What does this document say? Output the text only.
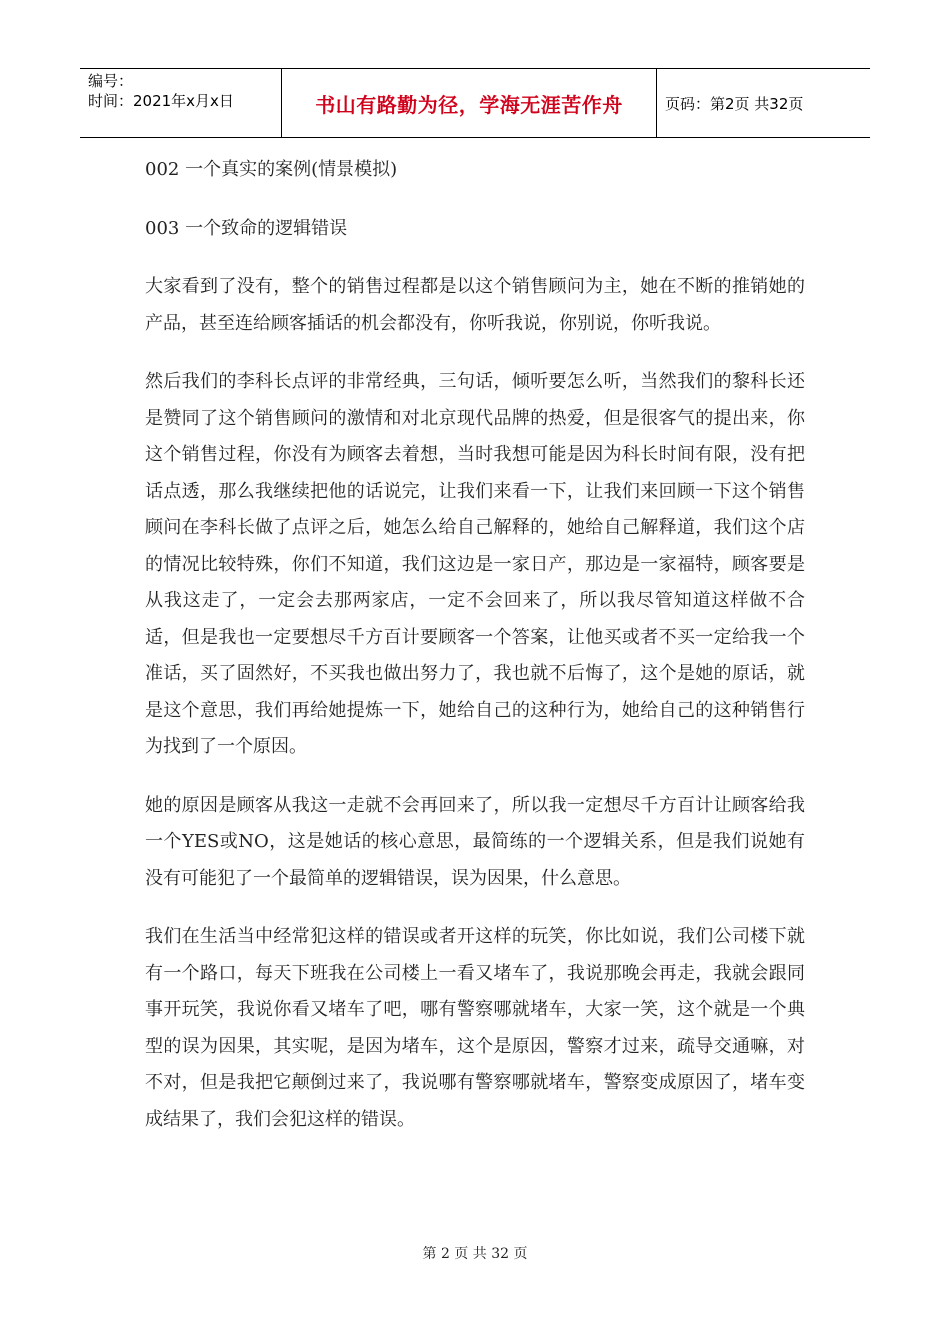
编号：
时间：2021年x月x日	书山有路勤为径，学海无涯苦作舟	页码：第2页 共32页

002 一个真实的案例(情景模拟)

003 一个致命的逻辑错误

大家看到了没有，整个的销售过程都是以这个销售顾问为主，她在不断的推销她的产品，甚至连给顾客插话的机会都没有，你听我说，你别说，你听我说。

然后我们的李科长点评的非常经典，三句话，倾听要怎么听，当然我们的黎科长还是赞同了这个销售顾问的激情和对北京现代品牌的热爱，但是很客气的提出来，你这个销售过程，你没有为顾客去着想，当时我想可能是因为科长时间有限，没有把话点透，那么我继续把他的话说完，让我们来看一下，让我们来回顾一下这个销售顾问在李科长做了点评之后，她怎么给自己解释的，她给自己解释道，我们这个店的情况比较特殊，你们不知道，我们这边是一家日产，那边是一家福特，顾客要是从我这走了，一定会去那两家店，一定不会回来了，所以我尽管知道这样做不合适，但是我也一定要想尽千方百计要顾客一个答案，让他买或者不买一定给我一个准话，买了固然好，不买我也做出努力了，我也就不后悔了，这个是她的原话，就是这个意思，我们再给她提炼一下，她给自己的这种行为，她给自己的这种销售行为找到了一个原因。

她的原因是顾客从我这一走就不会再回来了，所以我一定想尽千方百计让顾客给我一个YES或NO，这是她话的核心意思，最简练的一个逻辑关系，但是我们说她有没有可能犯了一个最简单的逻辑错误，误为因果，什么意思。

我们在生活当中经常犯这样的错误或者开这样的玩笑，你比如说，我们公司楼下就有一个路口，每天下班我在公司楼上一看又堵车了，我说那晚会再走，我就会跟同事开玩笑，我说你看又堵车了吧，哪有警察哪就堵车，大家一笑，这个就是一个典型的误为因果，其实呢，是因为堵车，这个是原因，警察才过来，疏导交通嘛，对不对，但是我把它颠倒过来了，我说哪有警察哪就堵车，警察变成原因了，堵车变成结果了，我们会犯这样的错误。

第 2 页 共 32 页
